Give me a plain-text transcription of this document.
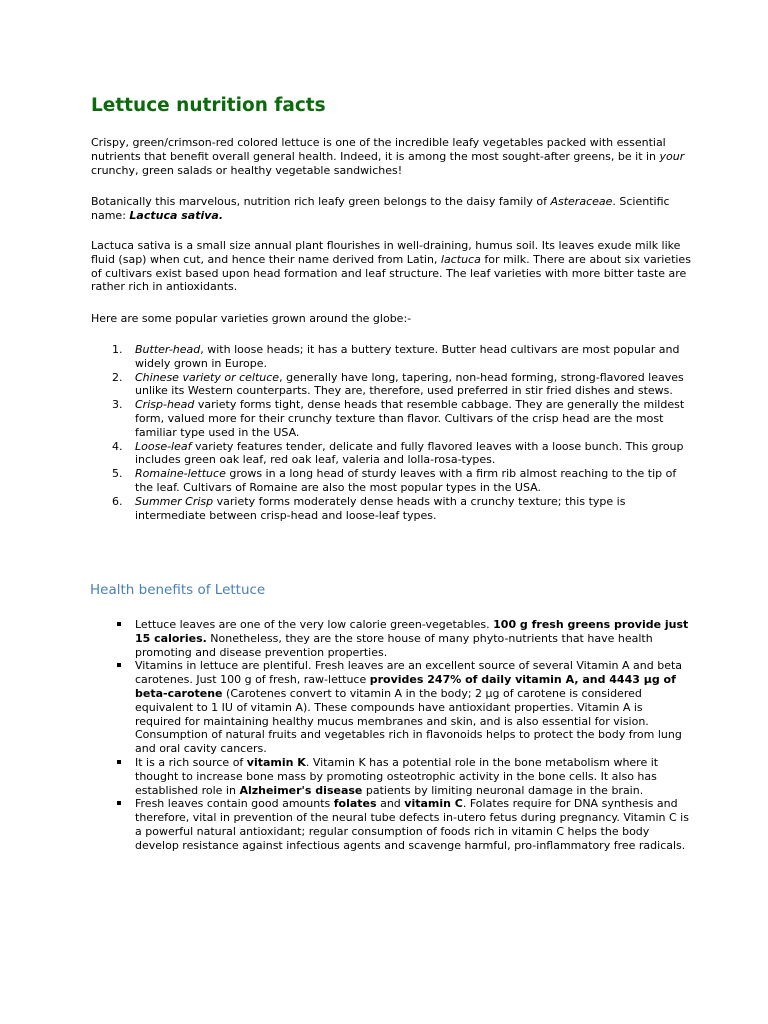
Lettuce nutrition facts

Crispy, green/crimson-red colored lettuce is one of the incredible leafy vegetables packed with essential nutrients that benefit overall general health. Indeed, it is among the most sought-after greens, be it in your crunchy, green salads or healthy vegetable sandwiches!

Botanically this marvelous, nutrition rich leafy green belongs to the daisy family of Asteraceae. Scientific name: Lactuca sativa.

Lactuca sativa is a small size annual plant flourishes in well-draining, humus soil. Its leaves exude milk like fluid (sap) when cut, and hence their name derived from Latin, lactuca for milk. There are about six varieties of cultivars exist based upon head formation and leaf structure. The leaf varieties with more bitter taste are rather rich in antioxidants.

Here are some popular varieties grown around the globe:-

1. Butter-head, with loose heads; it has a buttery texture. Butter head cultivars are most popular and widely grown in Europe.
2. Chinese variety or celtuce, generally have long, tapering, non-head forming, strong-flavored leaves unlike its Western counterparts. They are, therefore, used preferred in stir fried dishes and stews.
3. Crisp-head variety forms tight, dense heads that resemble cabbage. They are generally the mildest form, valued more for their crunchy texture than flavor. Cultivars of the crisp head are the most familiar type used in the USA.
4. Loose-leaf variety features tender, delicate and fully flavored leaves with a loose bunch. This group includes green oak leaf, red oak leaf, valeria and lolla-rosa-types.
5. Romaine-lettuce grows in a long head of sturdy leaves with a firm rib almost reaching to the tip of the leaf. Cultivars of Romaine are also the most popular types in the USA.
6. Summer Crisp variety forms moderately dense heads with a crunchy texture; this type is intermediate between crisp-head and loose-leaf types.
Health benefits of Lettuce
Lettuce leaves are one of the very low calorie green-vegetables. 100 g fresh greens provide just 15 calories. Nonetheless, they are the store house of many phyto-nutrients that have health promoting and disease prevention properties.
Vitamins in lettuce are plentiful. Fresh leaves are an excellent source of several Vitamin A and beta carotenes. Just 100 g of fresh, raw-lettuce provides 247% of daily vitamin A, and 4443 µg of beta-carotene (Carotenes convert to vitamin A in the body; 2 µg of carotene is considered equivalent to 1 IU of vitamin A). These compounds have antioxidant properties. Vitamin A is required for maintaining healthy mucus membranes and skin, and is also essential for vision. Consumption of natural fruits and vegetables rich in flavonoids helps to protect the body from lung and oral cavity cancers.
It is a rich source of vitamin K. Vitamin K has a potential role in the bone metabolism where it thought to increase bone mass by promoting osteotrophic activity in the bone cells. It also has established role in Alzheimer's disease patients by limiting neuronal damage in the brain.
Fresh leaves contain good amounts folates and vitamin C. Folates require for DNA synthesis and therefore, vital in prevention of the neural tube defects in-utero fetus during pregnancy. Vitamin C is a powerful natural antioxidant; regular consumption of foods rich in vitamin C helps the body develop resistance against infectious agents and scavenge harmful, pro-inflammatory free radicals.
